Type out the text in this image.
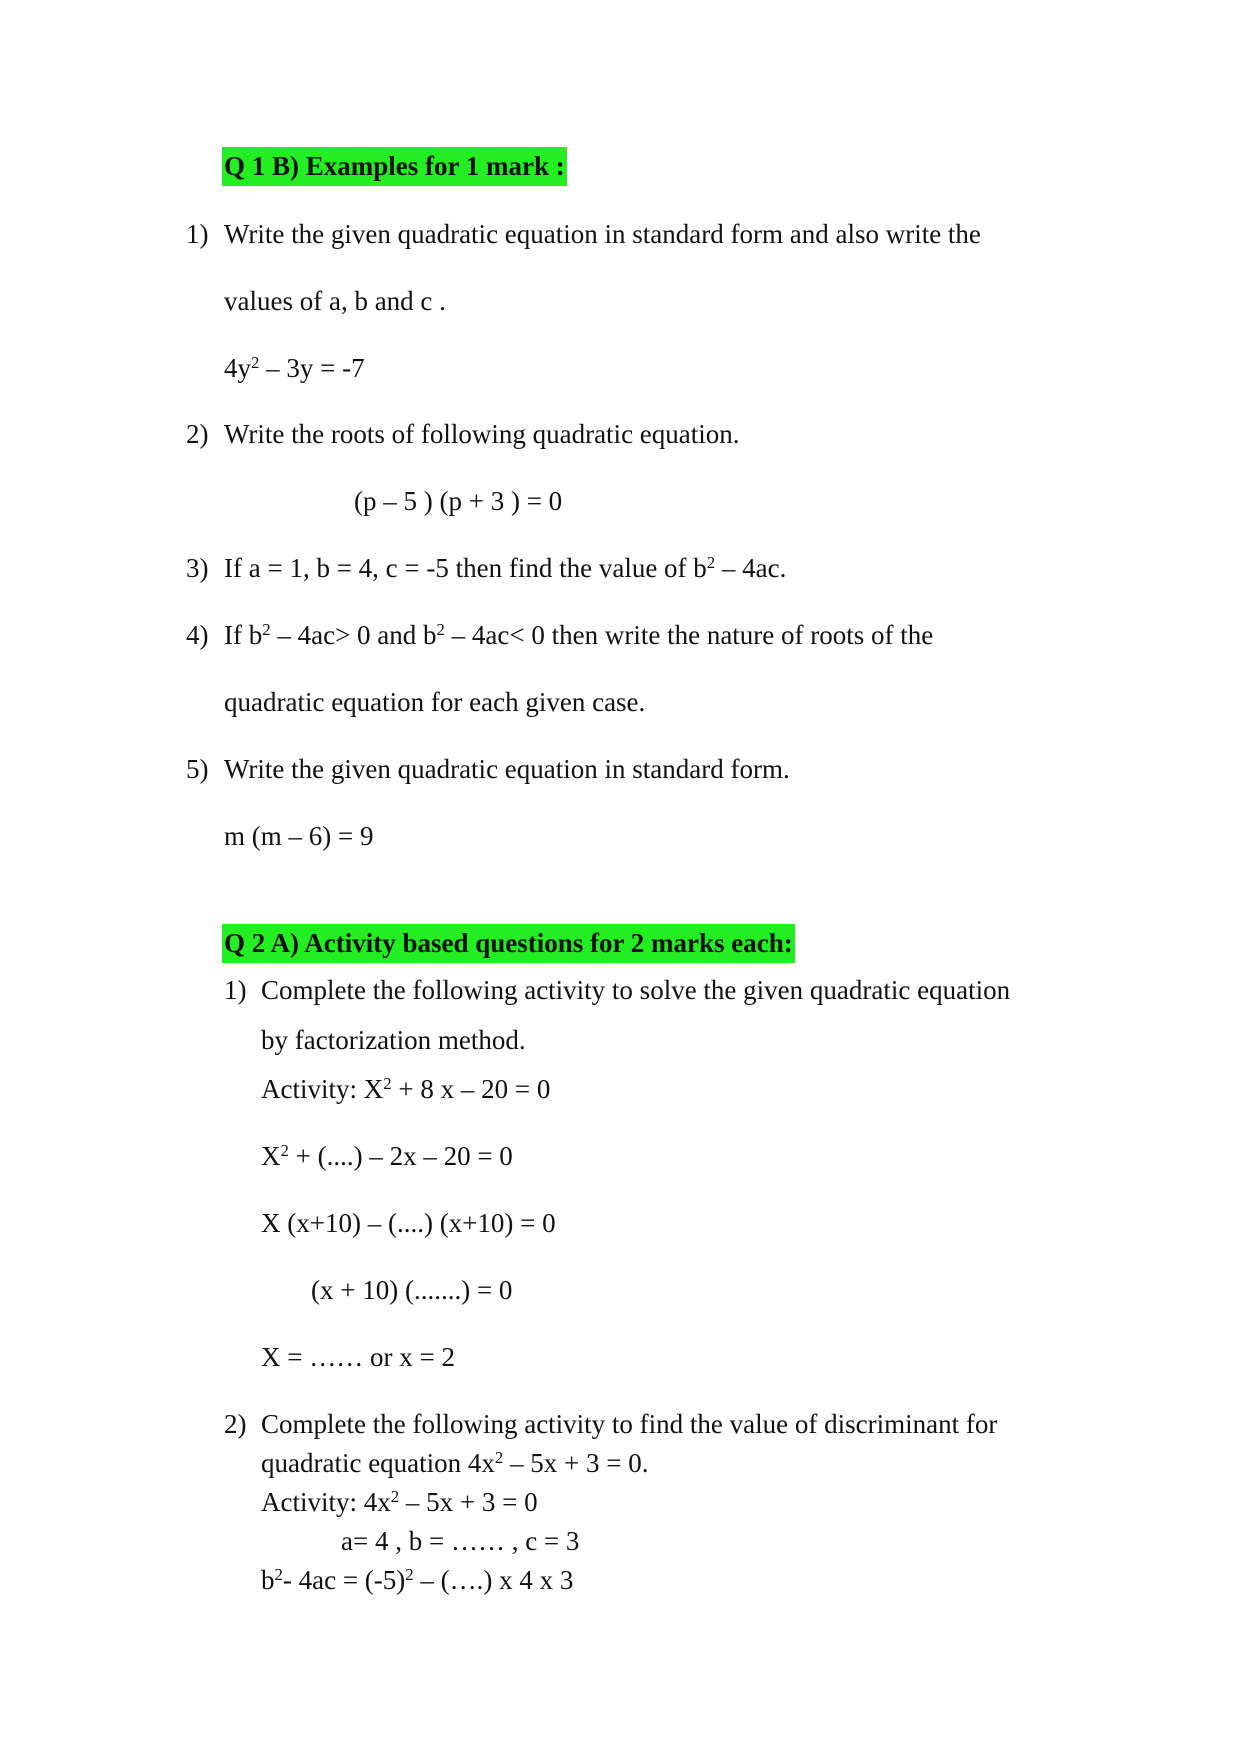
Q 1 B) Examples for 1 mark :
1) Write the given quadratic equation in standard form and also write the
values of a, b and c .
$4y^2 - 3y = -7$
2) Write the roots of following quadratic equation.
(p – 5 ) (p + 3 ) = 0
3) If a = 1, b = 4, c = -5 then find the value of $b^2 - 4ac$.
4) If $b^2 - 4ac> 0$ and $b^2 - 4ac< 0$ then write the nature of roots of the
quadratic equation for each given case.
5) Write the given quadratic equation in standard form.
m (m – 6) = 9
Q 2 A) Activity based questions for 2 marks each:
1) Complete the following activity to solve the given quadratic equation
by factorization method.
Activity: $X^2 + 8$ x – 20 = 0
$X^2$ + (....) – 2x – 20 = 0
X (x+10) – (....) (x+10) = 0
(x + 10) (.......) = 0
X = …… or x = 2
2) Complete the following activity to find the value of discriminant for
quadratic equation $4x^2 - 5x + 3 = 0$.
Activity: $4x^2 - 5x + 3 = 0$
a= 4 , b = …… , c = 3
$b^2-$ $4ac = (-5)^2$ – (….) x 4 x 3
